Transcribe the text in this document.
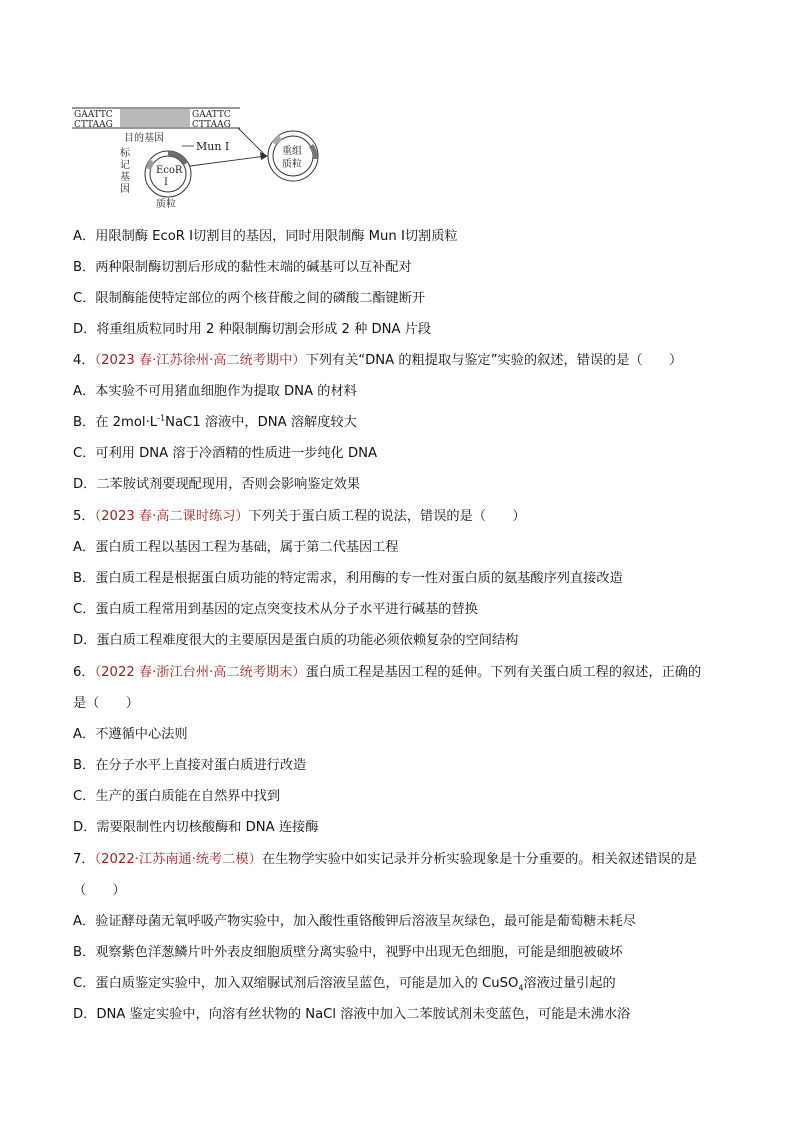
GAATTC
CTTAAG
GAATTC
CTTAAG
目的基因
Mun Ⅰ
EcoR
Ⅰ
质粒
标
记
基
因
重组
质粒
A．用限制酶 EcoR Ⅰ切割目的基因，同时用限制酶 Mun Ⅰ切割质粒
B．两种限制酶切割后形成的黏性末端的碱基可以互补配对
C．限制酶能使特定部位的两个核苷酸之间的磷酸二酯键断开
D．将重组质粒同时用 2 种限制酶切割会形成 2 种 DNA 片段
4．（2023 春·江苏徐州·高二统考期中）下列有关“DNA 的粗提取与鉴定”实验的叙述，错误的是（　　）
A．本实验不可用猪血细胞作为提取 DNA 的材料
B．在 $2mol\cdot L^{-1}NaC1$ 溶液中，DNA 溶解度较大
C．可利用 DNA 溶于冷酒精的性质进一步纯化 DNA
D．二苯胺试剂要现配现用，否则会影响鉴定效果
5．（2023 春·高二课时练习）下列关于蛋白质工程的说法，错误的是（　　）
A．蛋白质工程以基因工程为基础，属于第二代基因工程
B．蛋白质工程是根据蛋白质功能的特定需求，利用酶的专一性对蛋白质的氨基酸序列直接改造
C．蛋白质工程常用到基因的定点突变技术从分子水平进行碱基的替换
D．蛋白质工程难度很大的主要原因是蛋白质的功能必须依赖复杂的空间结构
6．（2022 春·浙江台州·高二统考期末）蛋白质工程是基因工程的延伸。下列有关蛋白质工程的叙述，正确的
是（　　）
A．不遵循中心法则
B．在分子水平上直接对蛋白质进行改造
C．生产的蛋白质能在自然界中找到
D．需要限制性内切核酸酶和 DNA 连接酶
7．（2022·江苏南通·统考二模）在生物学实验中如实记录并分析实验现象是十分重要的。相关叙述错误的是
（　　）
A．验证酵母菌无氧呼吸产物实验中，加入酸性重铬酸钾后溶液呈灰绿色，最可能是葡萄糖未耗尽
B．观察紫色洋葱鳞片叶外表皮细胞质壁分离实验中，视野中出现无色细胞，可能是细胞被破坏
C．蛋白质鉴定实验中，加入双缩脲试剂后溶液呈蓝色，可能是加入的 CuSO$_4$溶液过量引起的
D．DNA 鉴定实验中，向溶有丝状物的 NaCl 溶液中加入二苯胺试剂未变蓝色，可能是未沸水浴
